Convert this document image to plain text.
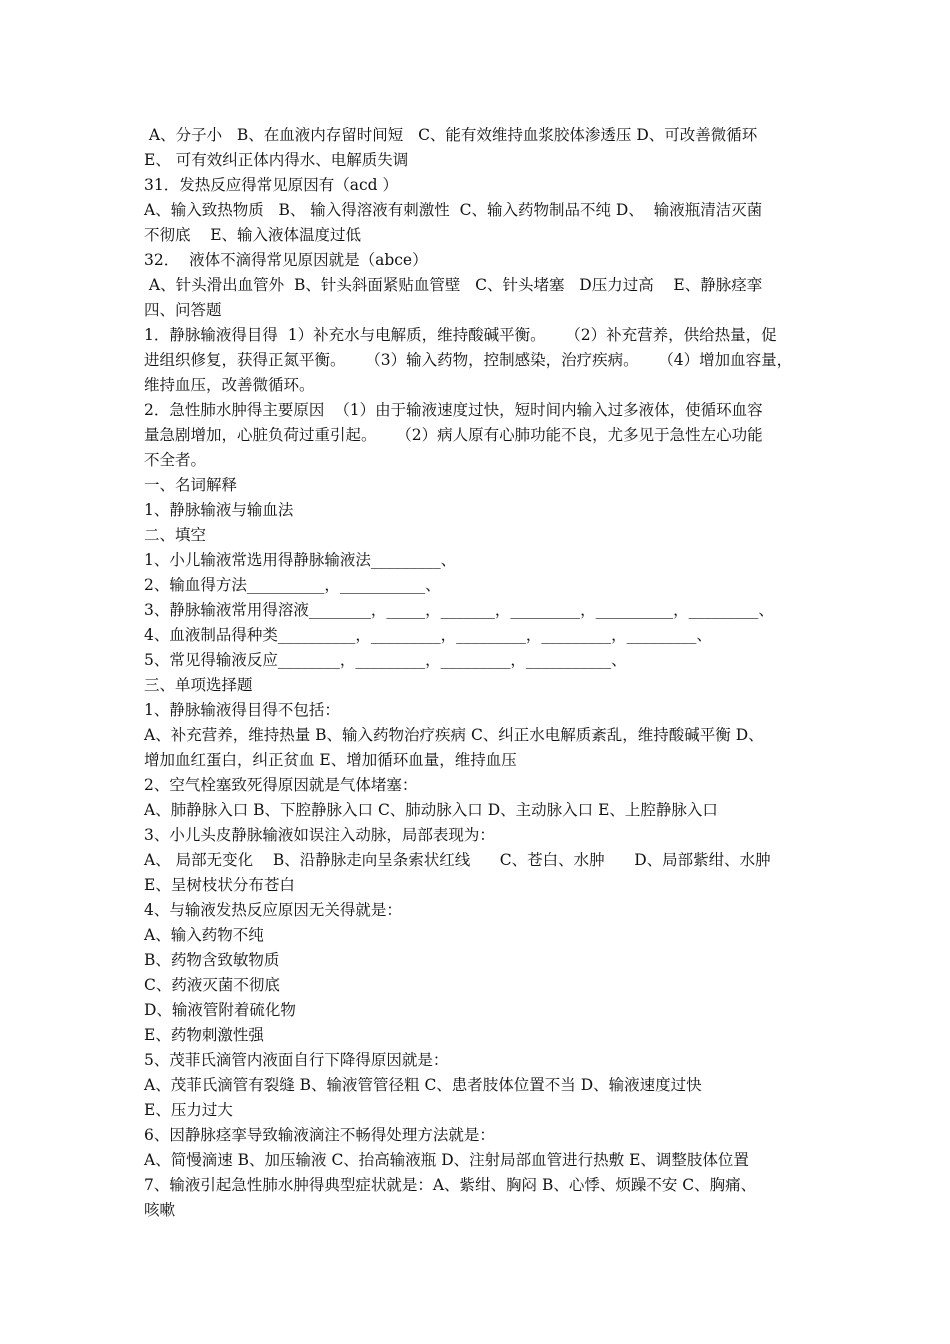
A、分子小   B、在血液内存留时间短   C、能有效维持血浆胶体渗透压 D、可改善微循环
E、 可有效纠正体内得水、电解质失调
31．发热反应得常见原因有（acd ）
A、输入致热物质   B、 输入得溶液有刺激性  C、输入药物制品不纯 D、  输液瓶清洁灭菌
不彻底    E、输入液体温度过低
32．  液体不滴得常见原因就是（abce）
A、针头滑出血管外  B、针头斜面紧贴血管壁   C、针头堵塞   D压力过高    E、静脉痉挛
四、问答题
1．静脉输液得目得  1）补充水与电解质，维持酸碱平衡。    （2）补充营养，供给热量，促
进组织修复，获得正氮平衡。    （3）输入药物，控制感染，治疗疾病。    （4）增加血容量，
维持血压，改善微循环。
2．急性肺水肿得主要原因  （1）由于输液速度过快，短时间内输入过多液体，使循环血容
量急剧增加，心脏负荷过重引起。    （2）病人原有心肺功能不良，尤多见于急性左心功能
不全者。
一、名词解释
1、静脉输液与输血法
二、填空
1、小儿输液常选用得静脉输液法_________、
2、输血得方法__________，___________、
3、静脉输液常用得溶液________，_____，_______，_________，__________，_________、
4、血液制品得种类__________，_________，_________，_________，_________、
5、常见得输液反应________，_________，_________，___________、
三、单项选择题
1、静脉输液得目得不包括：
A、补充营养，维持热量 B、输入药物治疗疾病 C、纠正水电解质紊乱，维持酸碱平衡 D、
增加血红蛋白，纠正贫血 E、增加循环血量，维持血压
2、空气栓塞致死得原因就是气体堵塞：
A、肺静脉入口 B、下腔静脉入口 C、肺动脉入口 D、主动脉入口 E、上腔静脉入口
3、小儿头皮静脉输液如误注入动脉，局部表现为：
A、 局部无变化    B、沿静脉走向呈条索状红线      C、苍白、水肿      D、局部紫绀、水肿
E、呈树枝状分布苍白
4、与输液发热反应原因无关得就是：
A、输入药物不纯
B、药物含致敏物质
C、药液灭菌不彻底
D、输液管附着硫化物
E、药物刺激性强
5、茂菲氏滴管内液面自行下降得原因就是：
A、茂菲氏滴管有裂缝 B、输液管管径粗 C、患者肢体位置不当 D、输液速度过快
E、压力过大
6、因静脉痉挛导致输液滴注不畅得处理方法就是：
A、简慢滴速 B、加压输液 C、抬高输液瓶 D、注射局部血管进行热敷 E、调整肢体位置
7、输液引起急性肺水肿得典型症状就是：A、紫绀、胸闷 B、心悸、烦躁不安 C、胸痛、
咳嗽
